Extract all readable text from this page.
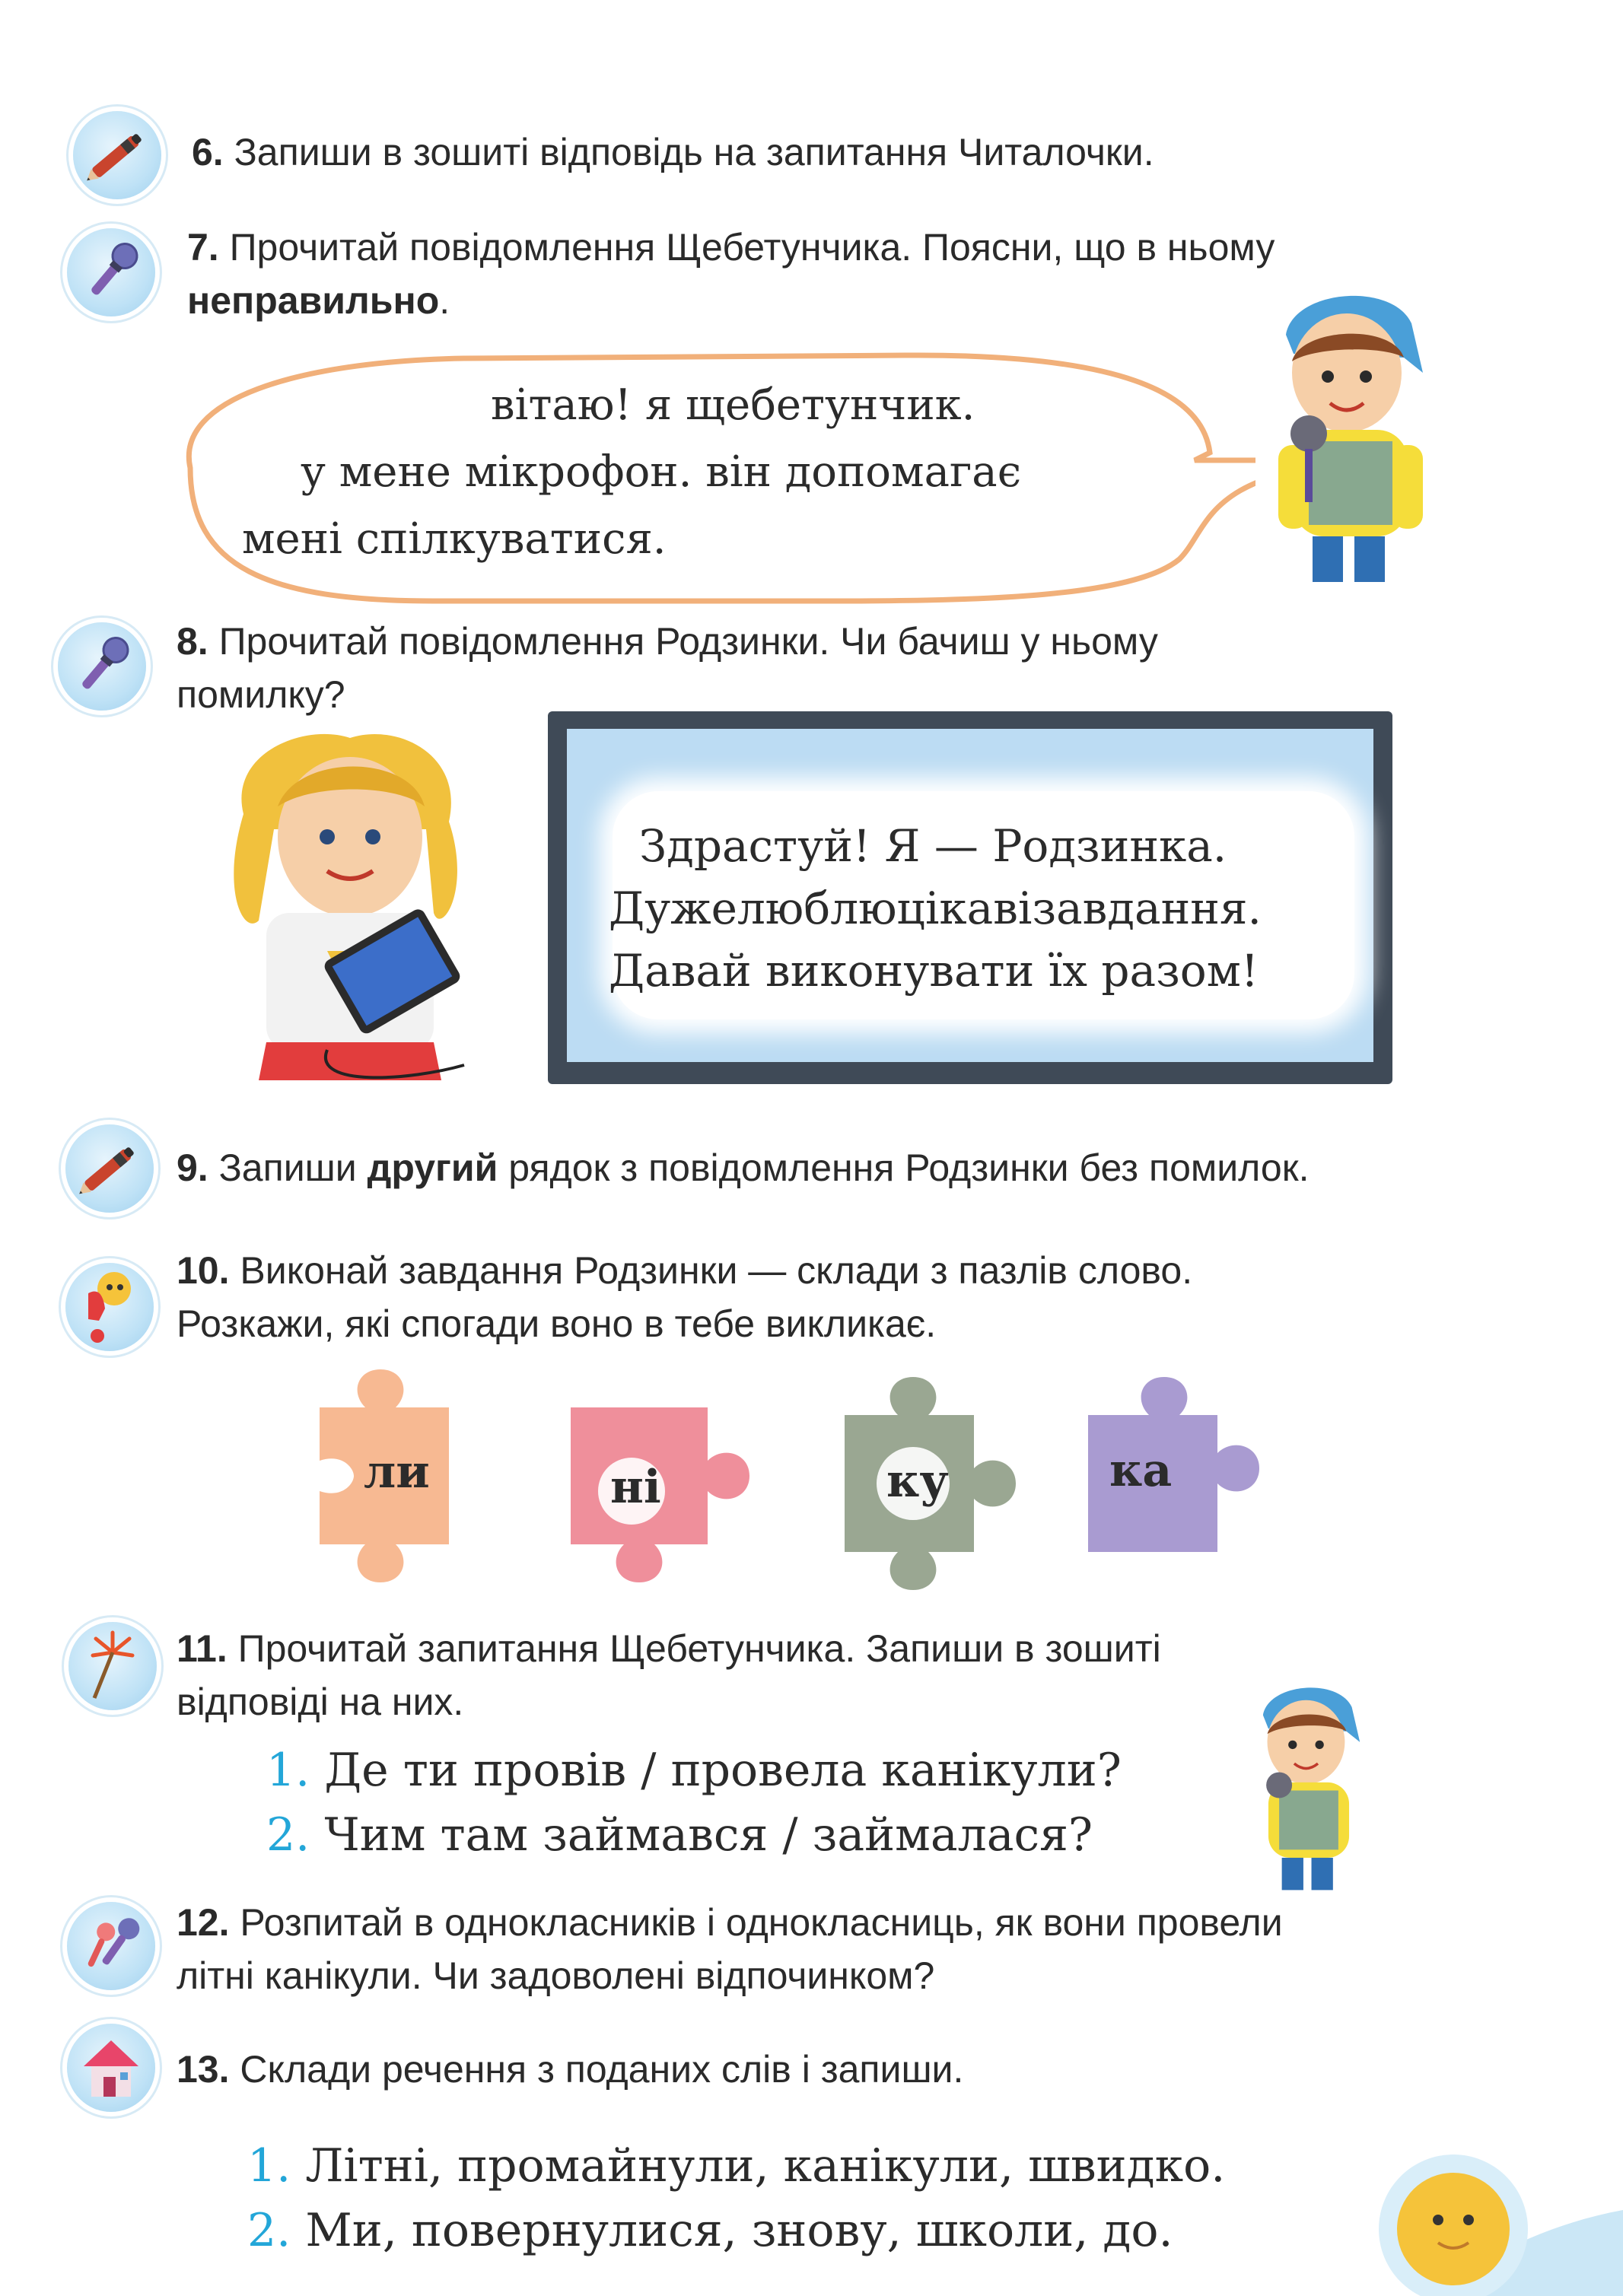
6. Запиши в зошиті відповідь на запитання Читалочки.
7. Прочитай повідомлення Щебетунчика. Поясни, що в ньому
неправильно.
вітаю! я щебетунчик.
у мене мікрофон. він допомагає
мені спілкуватися.
8. Прочитай повідомлення Родзинки. Чи бачиш у ньому
помилку?
Здрастуй! Я — Родзинка.
Дужелюблюцікавізавдання.
Давай виконувати їх разом!
9. Запиши другий рядок з повідомлення Родзинки без помилок.
10. Виконай завдання Родзинки — склади з пазлів слово.
Розкажи, які спогади воно в тебе викликає.
ли	ні	ку	ка
11. Прочитай запитання Щебетунчика. Запиши в зошиті
відповіді на них.
1. Де ти провів / провела канікули?
2. Чим там займався / займалася?
12. Розпитай в однокласників і однокласниць, як вони провели
літні канікули. Чи задоволені відпочинком?
13. Склади речення з поданих слів і запиши.
1. Літні, промайнули, канікули, швидко.
2. Ми, повернулися, знову, школи, до.
